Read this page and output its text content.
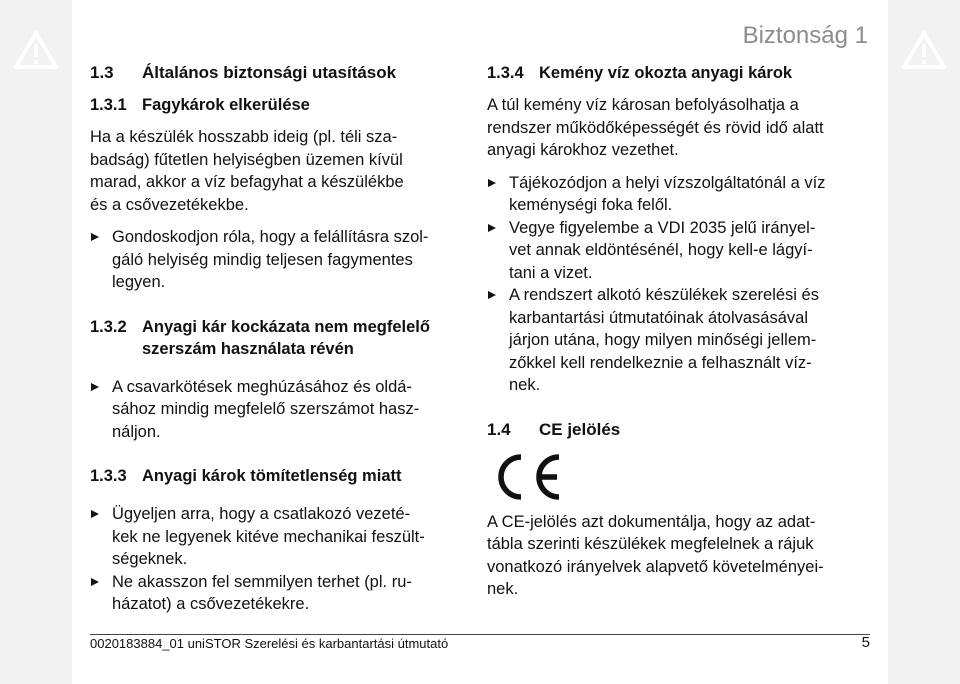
Biztonság 1
1.3	Általános biztonsági utasítások
1.3.1 Fagykárok elkerülése

Ha a készülék hosszabb ideig (pl. téli sza-
badság) fűtetlen helyiségben üzemen kívül
marad, akkor a víz befagyhat a készülékbe
és a csővezetékekbe.

Gondoskodjon róla, hogy a felállításra szol-
gáló helyiség mindig teljesen fagymentes
legyen.
1.3.2 Anyagi kár kockázata nem megfelelő
szerszám használata révén
A csavarkötések meghúzásához és oldá-
sához mindig megfelelő szerszámot hasz-
náljon.
1.3.3 Anyagi károk tömítetlenség miatt
Ügyeljen arra, hogy a csatlakozó vezeté-
kek ne legyenek kitéve mechanikai feszült-
ségeknek.
Ne akasszon fel semmilyen terhet (pl. ru-
házatot) a csővezetékekre.
1.3.4 Kemény víz okozta anyagi károk

A túl kemény víz károsan befolyásolhatja a
rendszer működőképességét és rövid idő alatt
anyagi károkhoz vezethet.

Tájékozódjon a helyi vízszolgáltatónál a víz
keménységi foka felől.
Vegye figyelembe a VDI 2035 jelű irányel-
vet annak eldöntésénél, hogy kell-e lágyí-
tani a vizet.
A rendszert alkotó készülékek szerelési és
karbantartási útmutatóinak átolvasásával
járjon utána, hogy milyen minőségi jellem-
zőkkel kell rendelkeznie a felhasznált víz-
nek.
1.4	CE jelölés

A CE-jelölés azt dokumentálja, hogy az adat-
tábla szerinti készülékek megfelelnek a rájuk
vonatkozó irányelvek alapvető követelményei-
nek.

0020183884_01 uniSTOR Szerelési és karbantartási útmutató	5
